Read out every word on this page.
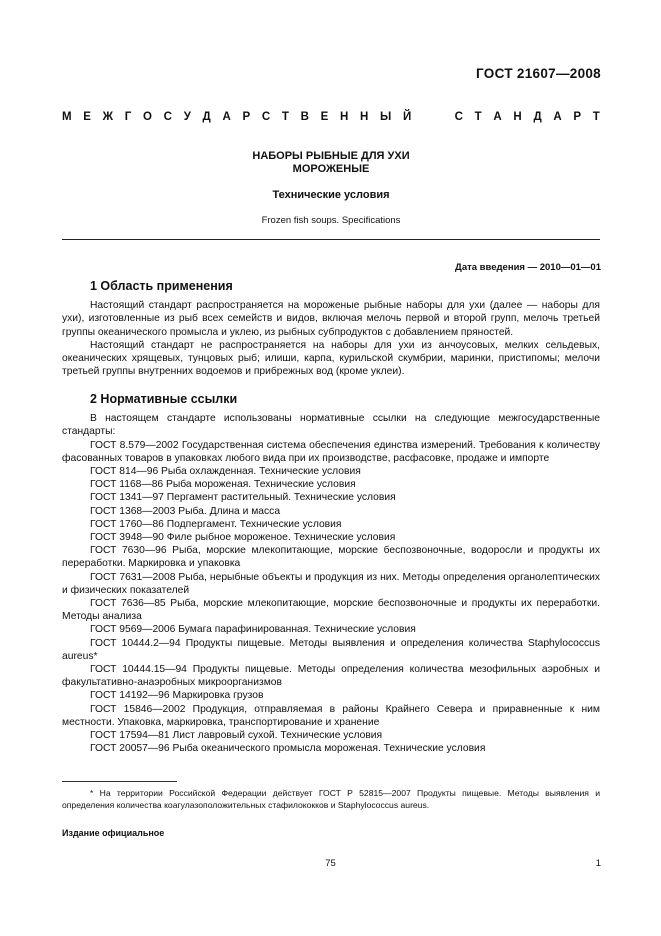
ГОСТ 21607—2008
М Е Ж Г О С У Д А Р С Т В Е Н Н Ы Й	С Т А Н Д А Р Т
НАБОРЫ РЫБНЫЕ ДЛЯ УХИ
МОРОЖЕНЫЕ
Технические условия
Frozen fish soups. Specifications
Дата введения — 2010—01—01
1 Область применения

Настоящий стандарт распространяется на мороженые рыбные наборы для ухи (далее — наборы для ухи), изготовленные из рыб всех семейств и видов, включая мелочь первой и второй групп, мелочь третьей группы океанического промысла и уклею, из рыбных субпродуктов с добавлением пряностей.

Настоящий стандарт не распространяется на наборы для ухи из анчоусовых, мелких сельдевых, океанических хрящевых, тунцовых рыб; илиши, карпа, курильской скумбрии, маринки, пристипомы; мелочи третьей группы внутренних водоемов и прибрежных вод (кроме уклеи).

2 Нормативные ссылки

В настоящем стандарте использованы нормативные ссылки на следующие межгосударственные стандарты:

ГОСТ 8.579—2002 Государственная система обеспечения единства измерений. Требования к количеству фасованных товаров в упаковках любого вида при их производстве, расфасовке, продаже и импорте

ГОСТ 814—96 Рыба охлажденная. Технические условия

ГОСТ 1168—86 Рыба мороженая. Технические условия

ГОСТ 1341—97 Пергамент растительный. Технические условия

ГОСТ 1368—2003 Рыба. Длина и масса

ГОСТ 1760—86 Подпергамент. Технические условия

ГОСТ 3948—90 Филе рыбное мороженое. Технические условия

ГОСТ 7630—96 Рыба, морские млекопитающие, морские беспозвоночные, водоросли и продукты их переработки. Маркировка и упаковка

ГОСТ 7631—2008 Рыба, нерыбные объекты и продукция из них. Методы определения органолептических и физических показателей

ГОСТ 7636—85 Рыба, морские млекопитающие, морские беспозвоночные и продукты их переработки. Методы анализа

ГОСТ 9569—2006 Бумага парафинированная. Технические условия

ГОСТ 10444.2—94 Продукты пищевые. Методы выявления и определения количества Staphylococcus aureus*

ГОСТ 10444.15—94 Продукты пищевые. Методы определения количества мезофильных аэробных и факультативно-анаэробных микроорганизмов

ГОСТ 14192—96 Маркировка грузов

ГОСТ 15846—2002 Продукция, отправляемая в районы Крайнего Севера и приравненные к ним местности. Упаковка, маркировка, транспортирование и хранение

ГОСТ 17594—81 Лист лавровый сухой. Технические условия

ГОСТ 20057—96 Рыба океанического промысла мороженая. Технические условия

* На территории Российской Федерации действует ГОСТ Р 52815—2007 Продукты пищевые. Методы выявления и определения количества коагулазоположительных стафилококков и Staphylococcus aureus.
Издание официальное
75	1
